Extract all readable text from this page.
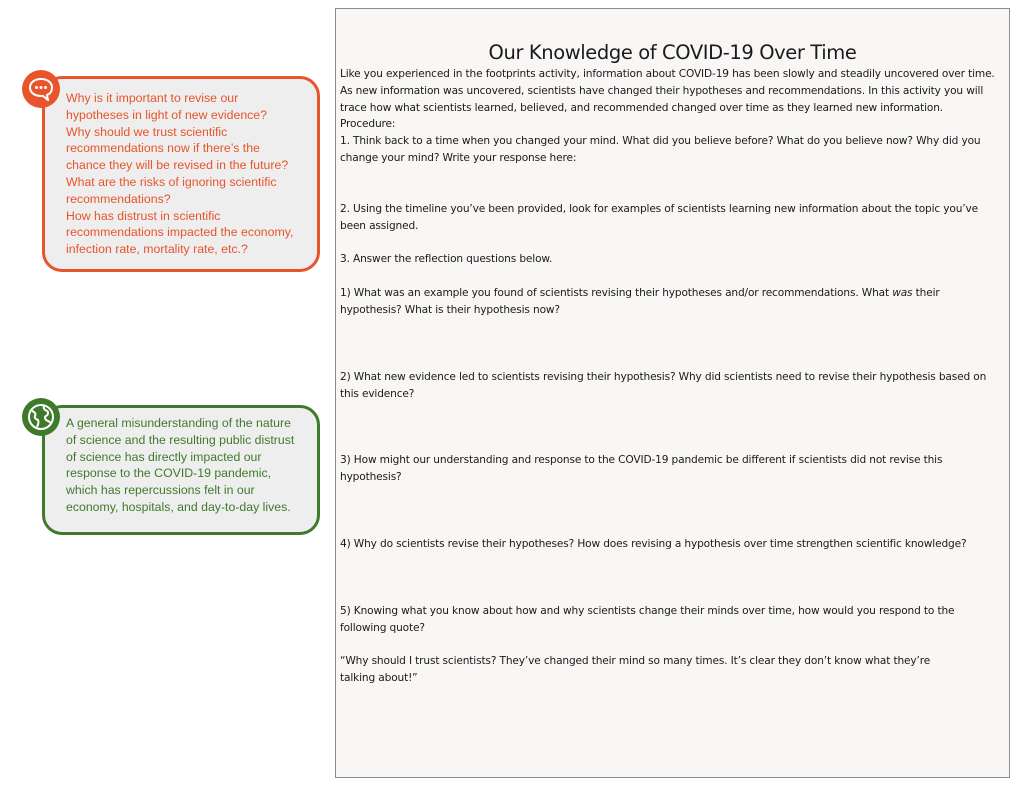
Why is it important to revise our
hypotheses in light of new evidence?
Why should we trust scientific
recommendations now if there’s the
chance they will be revised in the future?
What are the risks of ignoring scientific
recommendations?
How has distrust in scientific
recommendations impacted the economy,
infection rate, mortality rate, etc.?
A general misunderstanding of the nature
of science and the resulting public distrust
of science has directly impacted our
response to the COVID-19 pandemic,
which has repercussions felt in our
economy, hospitals, and day-to-day lives.
Our Knowledge of COVID-19 Over Time
Like you experienced in the footprints activity, information about COVID-19 has been slowly and steadily uncovered over time.
As new information was uncovered, scientists have changed their hypotheses and recommendations. In this activity you will
trace how what scientists learned, believed, and recommended changed over time as they learned new information.
Procedure:
1. Think back to a time when you changed your mind. What did you believe before? What do you believe now? Why did you
change your mind? Write your response here:
2. Using the timeline you’ve been provided, look for examples of scientists learning new information about the topic you’ve
been assigned.
3. Answer the reflection questions below.
1) What was an example you found of scientists revising their hypotheses and/or recommendations. What was their
hypothesis? What is their hypothesis now?
2) What new evidence led to scientists revising their hypothesis? Why did scientists need to revise their hypothesis based on
this evidence?
3) How might our understanding and response to the COVID-19 pandemic be different if scientists did not revise this
hypothesis?
4) Why do scientists revise their hypotheses? How does revising a hypothesis over time strengthen scientific knowledge?
5) Knowing what you know about how and why scientists change their minds over time, how would you respond to the
following quote?
“Why should I trust scientists? They’ve changed their mind so many times. It’s clear they don’t know what they’re
talking about!”
